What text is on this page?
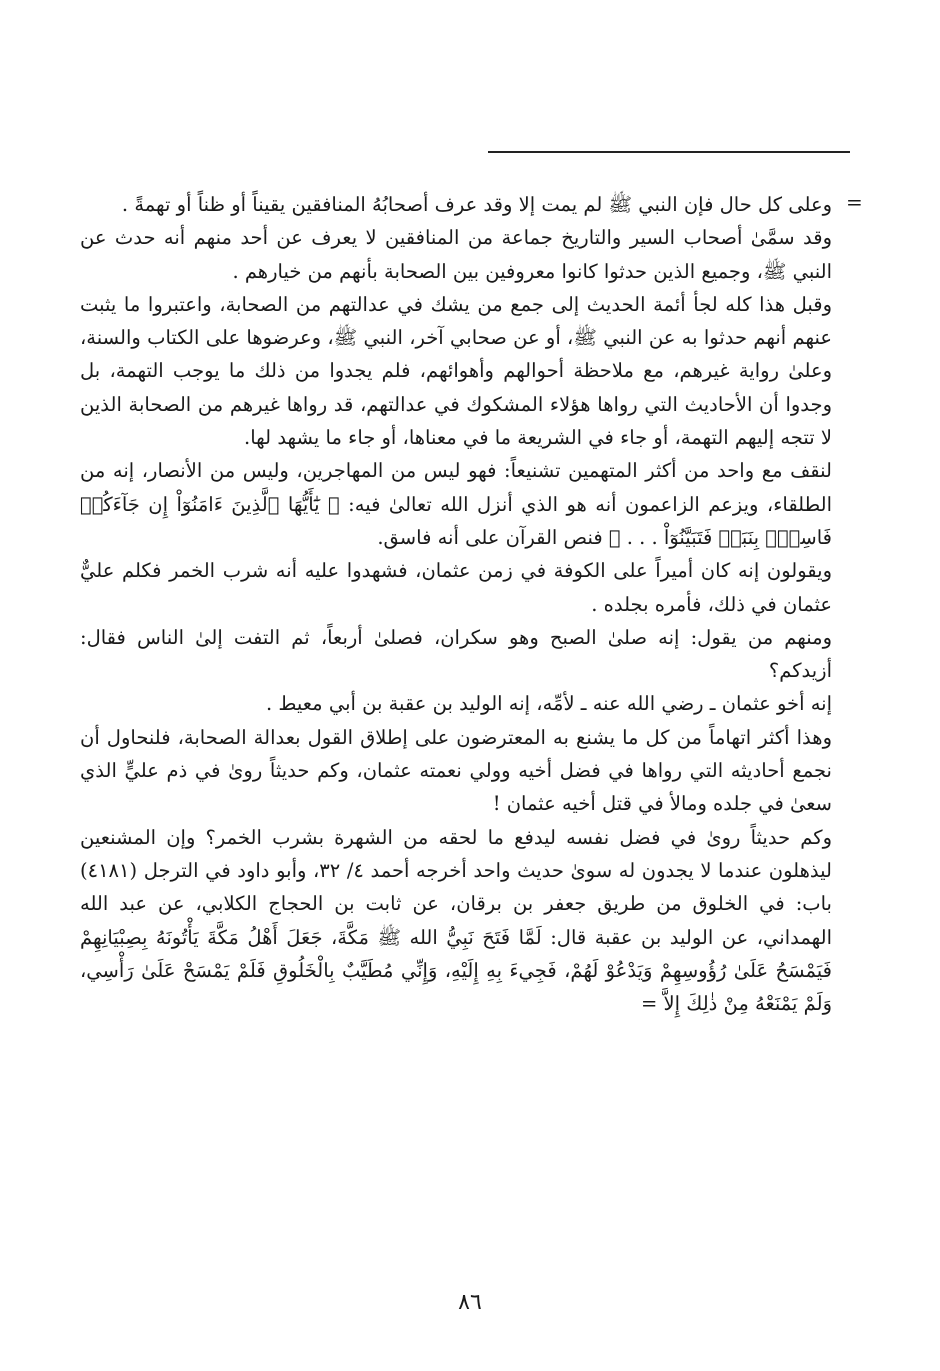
=

وعلى كل حال فإن النبي ﷺ لم يمت إلا وقد عرف أصحابُهُ المنافقين يقيناً أو ظناً أو تهمةً .

وقد سمَّىٰ أصحاب السير والتاريخ جماعة من المنافقين لا يعرف عن أحد منهم أنه حدث عن النبي ﷺ، وجميع الذين حدثوا كانوا معروفين بين الصحابة بأنهم من خيارهم .

وقبل هذا كله لجأ أئمة الحديث إلى جمع من يشك في عدالتهم من الصحابة، واعتبروا ما يثبت عنهم أنهم حدثوا به عن النبي ﷺ، أو عن صحابي آخر، النبي ﷺ، وعرضوها على الكتاب والسنة، وعلىٰ رواية غيرهم، مع ملاحظة أحوالهم وأهوائهم، فلم يجدوا من ذلك ما يوجب التهمة، بل وجدوا أن الأحاديث التي رواها هؤلاء المشكوك في عدالتهم، قد رواها غيرهم من الصحابة الذين لا تتجه إليهم التهمة، أو جاء في الشريعة ما في معناها، أو جاء ما يشهد لها.

لنقف مع واحد من أكثر المتهمين تشنيعاً: فهو ليس من المهاجرين، وليس من الأنصار، إنه من الطلقاء، ويزعم الزاعمون أنه هو الذي أنزل الله تعالىٰ فيه: ﴿ يَٰٓأَيُّهَا ٱلَّذِينَ ءَامَنُوٓاْ إِن جَآءَكُمۡ فَاسِقُۢ بِنَبَإٖ فَتَبَيَّنُوٓاْ . . . ﴾ فنص القرآن على أنه فاسق.

ويقولون إنه كان أميراً على الكوفة في زمن عثمان، فشهدوا عليه أنه شرب الخمر فكلم عليٌّ عثمان في ذلك، فأمره بجلده .

ومنهم من يقول: إنه صلىٰ الصبح وهو سكران، فصلىٰ أربعاً، ثم التفت إلىٰ الناس فقال: أزيدكم؟

إنه أخو عثمان ـ رضي الله عنه ـ لأمِّه، إنه الوليد بن عقبة بن أبي معيط .

وهذا أكثر اتهاماً من كل ما يشنع به المعترضون على إطلاق القول بعدالة الصحابة، فلنحاول أن نجمع أحاديثه التي رواها في فضل أخيه وولي نعمته عثمان، وكم حديثاً روىٰ في ذم عليٍّ الذي سعىٰ في جلده ومالأ في قتل أخيه عثمان !

وكم حديثاً روىٰ في فضل نفسه ليدفع ما لحقه من الشهرة بشرب الخمر؟ وإن المشنعين ليذهلون عندما لا يجدون له سوىٰ حديث واحد أخرجه أحمد ٤/ ٣٢، وأبو داود في الترجل (٤١٨١) باب: في الخلوق من طريق جعفر بن برقان، عن ثابت بن الحجاج الكلابي، عن عبد الله الهمداني، عن الوليد بن عقبة قال: لَمَّا فَتَحَ نَبِيُّ الله ﷺ مَكَّةَ، جَعَلَ أَهْلُ مَكَّةَ يَأْتُونَهُ بِصِبْيَانِهِمْ فَيَمْسَحُ عَلَىٰ رُؤُوسِهِمْ وَيَدْعُوْ لَهُمْ، فَجِيءَ بِهِ إِلَيْهِ، وَإِنِّي مُطَيَّبٌ بِالْخَلُوقِ فَلَمْ يَمْسَحْ عَلَىٰ رَأْسِي، وَلَمْ يَمْنَعْهُ مِنْ ذٰلِكَ إِلاَّ =

٨٦
